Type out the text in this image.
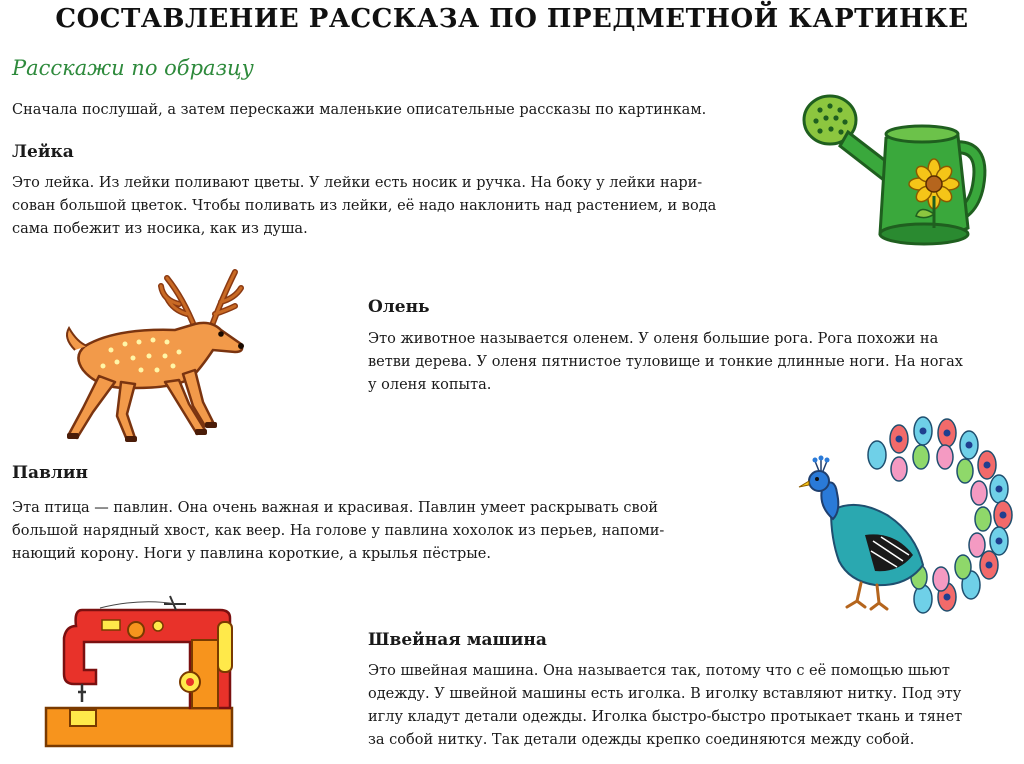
СОСТАВЛЕНИЕ РАССКАЗА ПО ПРЕДМЕТНОЙ КАРТИНКЕ
Расскажи по образцу
Сначала послушай, а затем перескажи маленькие описательные рассказы по картинкам.
Лейка
Это лейка. Из лейки поливают цветы. У лейки есть носик и ручка. На боку у лейки нари-
сован большой цветок. Чтобы поливать из лейки, её надо наклонить над растением, и вода
сама побежит из носика, как из душа.
Олень
Это животное называется оленем. У оленя большие рога. Рога похожи на
ветви дерева. У оленя пятнистое туловище и тонкие длинные ноги. На ногах
у оленя копыта.
Павлин
Эта птица — павлин. Она очень важная и красивая. Павлин умеет раскрывать свой
большой нарядный хвост, как веер. На голове у павлина хохолок из перьев, напоми-
нающий корону. Ноги у павлина короткие, а крылья пёстрые.
Швейная машина
Это швейная машина. Она называется так, потому что с её помощью шьют
одежду. У швейной машины есть иголка. В иголку вставляют нитку. Под эту
иглу кладут детали одежды. Иголка быстро-быстро протыкает ткань и тянет
за собой нитку. Так детали одежды крепко соединяются между собой.
